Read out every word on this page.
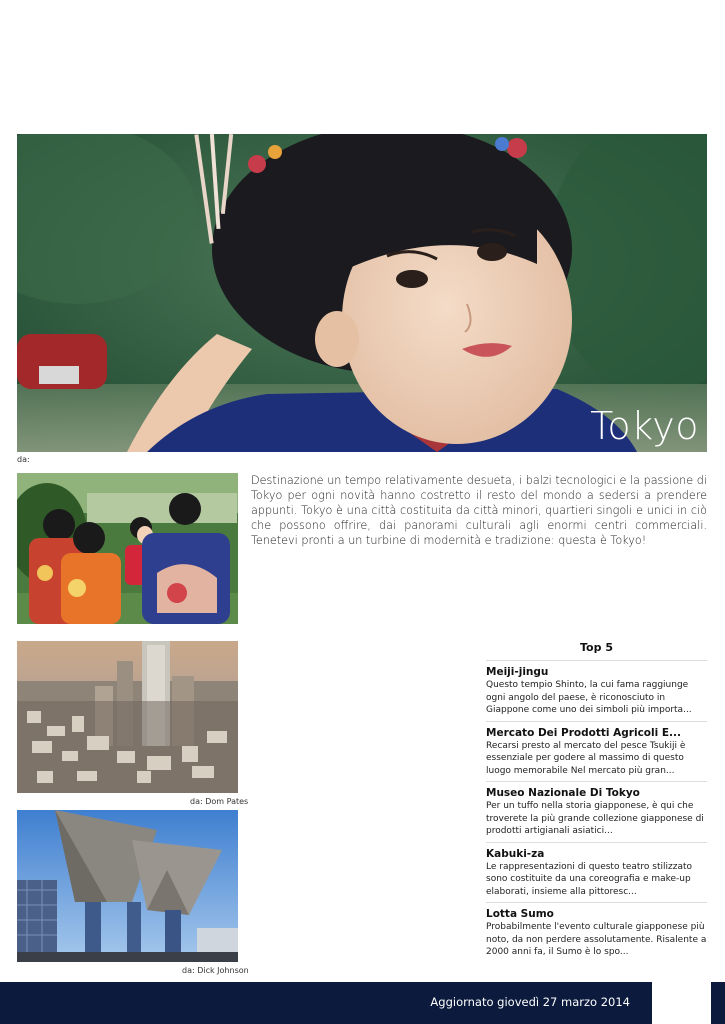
Tokyo
da:
Destinazione un tempo relativamente desueta, i balzi tecnologici e la passione di Tokyo per ogni novità hanno costretto il resto del mondo a sedersi a prendere appunti. Tokyo è una città costituita da città minori, quartieri singoli e unici in ciò che possono offrire, dai panorami culturali agli enormi centri commerciali. Tenetevi pronti a un turbine di modernità e tradizione: questa è Tokyo!
da: Dom Pates
da: Dick Johnson
Top 5
Meiji-jingu
Questo tempio Shinto, la cui fama raggiunge ogni angolo del paese, è riconosciuto in Giappone come uno dei simboli più importa...
Mercato Dei Prodotti Agricoli E...
Recarsi presto al mercato del pesce Tsukiji è essenziale per godere al massimo di questo luogo memorabile Nel mercato più gran...
Museo Nazionale Di Tokyo
Per un tuffo nella storia giapponese, è qui che troverete la più grande collezione giapponese di prodotti artigianali asiatici...
Kabuki-za
Le rappresentazioni di questo teatro stilizzato sono costituite da una coreografia e make-up elaborati, insieme alla pittoresc...
Lotta Sumo
Probabilmente l'evento culturale giapponese più noto, da non perdere assolutamente. Risalente a 2000 anni fa, il Sumo è lo spo...
Aggiornato giovedì 27 marzo 2014
